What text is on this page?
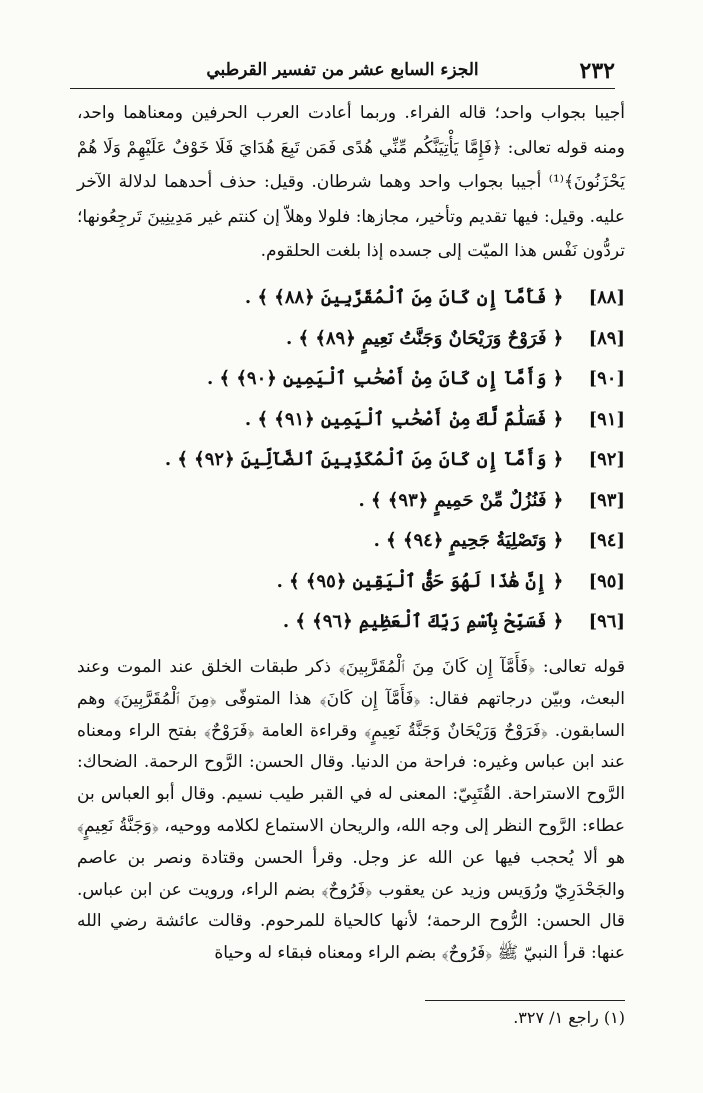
٢٣٢
الجزء السابع عشر من تفسير القرطبي

أجيبا بجواب واحد؛ قاله الفراء. وربما أعادت العرب الحرفين ومعناهما واحد، ومنه قوله تعالى: ﴿فَإِمَّا يَأْتِيَنَّكُم مِّنِّي هُدًى فَمَن تَبِعَ هُدَايَ فَلَا خَوْفٌ عَلَيْهِمْ وَلَا هُمْ يَحْزَنُونَ﴾⁽¹⁾ أجيبا بجواب واحد وهما شرطان. وقيل: حذف أحدهما لدلالة الآخر عليه. وقيل: فيها تقديم وتأخير، مجازها: فلولا وهلاّ إن كنتم غير مَدِينِينَ تَرجِعُونها؛ تردُّون نَفْس هذا الميّت إلى جسده إذا بلغت الحلقوم.

[٨٨] ﴿ فَأَمَّآ إِن كَانَ مِنَ ٱلْمُقَرَّبِينَ ﴿٨٨﴾ ﴾ .
[٨٩] ﴿ فَرَوْحٌ وَرَيْحَانٌ وَجَنَّتُ نَعِيمٍ ﴿٨٩﴾ ﴾ .
[٩٠] ﴿ وَأَمَّآ إِن كَانَ مِنْ أَصْحَٰبِ ٱلْيَمِينِ ﴿٩٠﴾ ﴾ .
[٩١] ﴿ فَسَلَٰمٌ لَّكَ مِنْ أَصْحَٰبِ ٱلْيَمِينِ ﴿٩١﴾ ﴾ .
[٩٢] ﴿ وَأَمَّآ إِن كَانَ مِنَ ٱلْمُكَذِّبِينَ ٱلضَّآلِّينَ ﴿٩٢﴾ ﴾ .
[٩٣] ﴿ فَنُزُلٌ مِّنْ حَمِيمٍ ﴿٩٣﴾ ﴾ .
[٩٤] ﴿ وَتَصْلِيَةُ جَحِيمٍ ﴿٩٤﴾ ﴾ .
[٩٥] ﴿ إِنَّ هَٰذَا لَهُوَ حَقُّ ٱلْيَقِينِ ﴿٩٥﴾ ﴾ .
[٩٦] ﴿ فَسَبِّحْ بِٱسْمِ رَبِّكَ ٱلْعَظِيمِ ﴿٩٦﴾ ﴾ .

قوله تعالى: ﴿فَأَمَّآ إِن كَانَ مِنَ ٱلْمُقَرَّبِينَ﴾ ذكر طبقات الخلق عند الموت وعند البعث، وبيّن درجاتهم فقال: ﴿فَأَمَّآ إِن كَانَ﴾ هذا المتوفّى ﴿مِنَ ٱلْمُقَرَّبِينَ﴾ وهم السابقون. ﴿فَرَوْحٌ وَرَيْحَانٌ وَجَنَّةُ نَعِيمٍ﴾ وقراءة العامة ﴿فَرَوْحٌ﴾ بفتح الراء ومعناه عند ابن عباس وغيره: فراحة من الدنيا. وقال الحسن: الرَّوح الرحمة. الضحاك: الرَّوح الاستراحة. القُتَبِيّ: المعنى له في القبر طيب نسيم. وقال أبو العباس بن عطاء: الرَّوح النظر إلى وجه الله، والريحان الاستماع لكلامه ووحيه، ﴿وَجَنَّةُ نَعِيمٍ﴾ هو ألا يُحجب فيها عن الله عز وجل. وقرأ الحسن وقتادة ونصر بن عاصم والجَحْدَرِيّ ورُوَيس وزيد عن يعقوب ﴿فَرُوحٌ﴾ بضم الراء، ورويت عن ابن عباس. قال الحسن: الرُّوح الرحمة؛ لأنها كالحياة للمرحوم. وقالت عائشة رضي الله عنها: قرأ النبيّ ﷺ ﴿فَرُوحٌ﴾ بضم الراء ومعناه فبقاء له وحياة

(١) راجع ١/ ٣٢٧.
